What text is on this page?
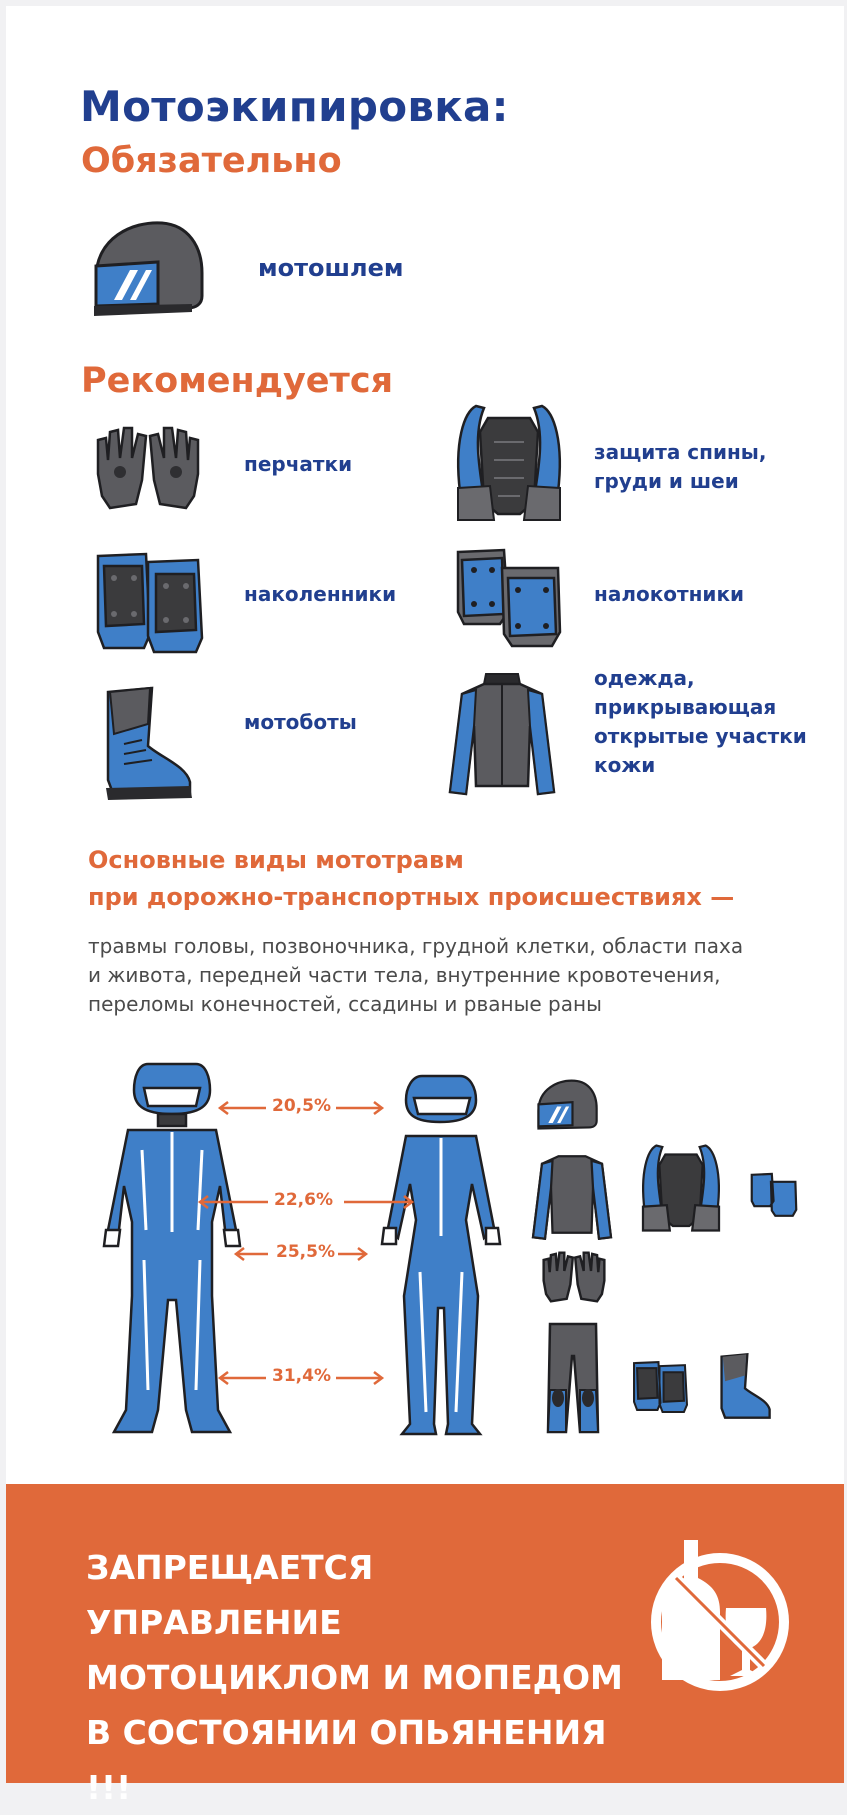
Мотоэкипировка:
Обязательно
мотошлем
Рекомендуется
перчатки	защита спины,
груди и шеи
наколенники	налокотники
мотоботы
одежда,
прикрывающая
открытые участки
кожи
Основные виды мототравм
при дорожно-транспортных происшествиях —
травмы головы, позвоночника, грудной клетки, области паха
и живота, передней части тела, внутренние кровотечения,
переломы конечностей, ссадины и рваные раны
20,5%
22,6%
25,5%
31,4%
ЗАПРЕЩАЕТСЯ УПРАВЛЕНИЕ
МОТОЦИКЛОМ И МОПЕДОМ
В СОСТОЯНИИ ОПЬЯНЕНИЯ !!!
